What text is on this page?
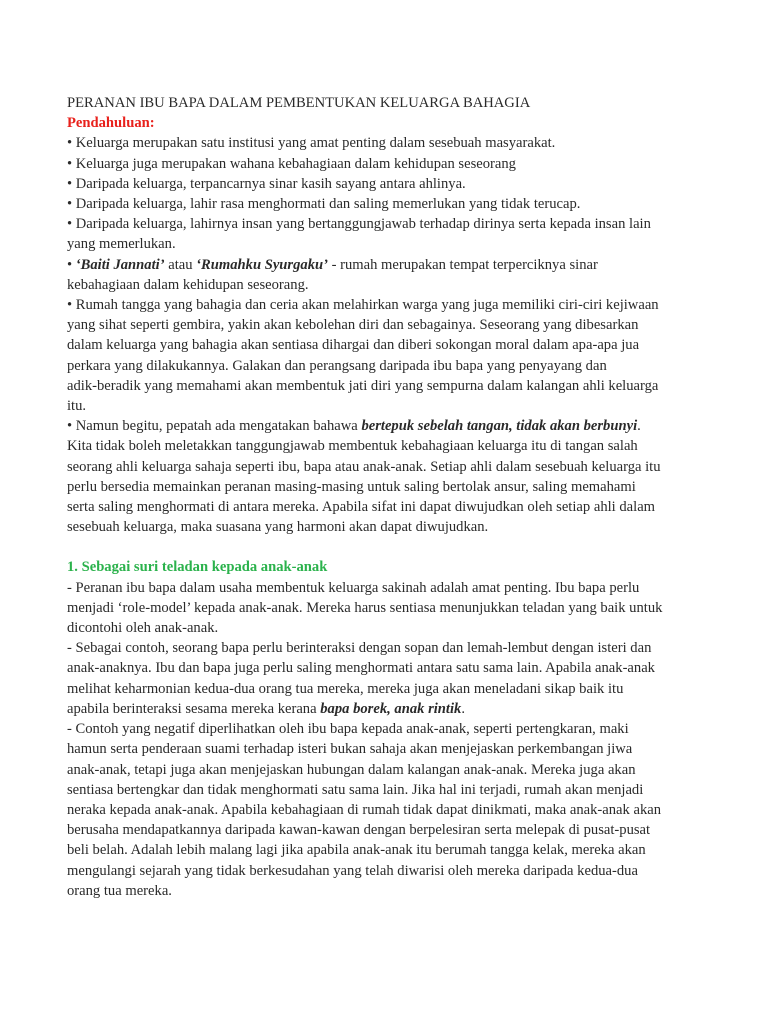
PERANAN IBU BAPA DALAM PEMBENTUKAN KELUARGA BAHAGIA
Pendahuluan:
• Keluarga merupakan satu institusi yang amat penting dalam sesebuah masyarakat.
• Keluarga juga merupakan wahana kebahagiaan dalam kehidupan seseorang
• Daripada keluarga, terpancarnya sinar kasih sayang antara ahlinya.
• Daripada keluarga, lahir rasa menghormati dan saling memerlukan yang tidak terucap.
• Daripada keluarga, lahirnya insan yang bertanggungjawab terhadap dirinya serta kepada insan lain
yang memerlukan.
• ‘Baiti Jannati’ atau ‘Rumahku Syurgaku’ - rumah merupakan tempat terperciknya sinar
kebahagiaan dalam kehidupan seseorang.
• Rumah tangga yang bahagia dan ceria akan melahirkan warga yang juga memiliki ciri-ciri kejiwaan
yang sihat seperti gembira, yakin akan kebolehan diri dan sebagainya. Seseorang yang dibesarkan
dalam keluarga yang bahagia akan sentiasa dihargai dan diberi sokongan moral dalam apa-apa jua
perkara yang dilakukannya. Galakan dan perangsang daripada ibu bapa yang penyayang dan
adik-beradik yang memahami akan membentuk jati diri yang sempurna dalam kalangan ahli keluarga
itu.
• Namun begitu, pepatah ada mengatakan bahawa bertepuk sebelah tangan, tidak akan berbunyi.
Kita tidak boleh meletakkan tanggungjawab membentuk kebahagiaan keluarga itu di tangan salah
seorang ahli keluarga sahaja seperti ibu, bapa atau anak-anak. Setiap ahli dalam sesebuah keluarga itu
perlu bersedia memainkan peranan masing-masing untuk saling bertolak ansur, saling memahami
serta saling menghormati di antara mereka. Apabila sifat ini dapat diwujudkan oleh setiap ahli dalam
sesebuah keluarga, maka suasana yang harmoni akan dapat diwujudkan.
1. Sebagai suri teladan kepada anak-anak
- Peranan ibu bapa dalam usaha membentuk keluarga sakinah adalah amat penting. Ibu bapa perlu
menjadi ‘role-model’ kepada anak-anak. Mereka harus sentiasa menunjukkan teladan yang baik untuk
dicontohi oleh anak-anak.
- Sebagai contoh, seorang bapa perlu berinteraksi dengan sopan dan lemah-lembut dengan isteri dan
anak-anaknya. Ibu dan bapa juga perlu saling menghormati antara satu sama lain. Apabila anak-anak
melihat keharmonian kedua-dua orang tua mereka, mereka juga akan meneladani sikap baik itu
apabila berinteraksi sesama mereka kerana bapa borek, anak rintik.
- Contoh yang negatif diperlihatkan oleh ibu bapa kepada anak-anak, seperti pertengkaran, maki
hamun serta penderaan suami terhadap isteri bukan sahaja akan menjejaskan perkembangan jiwa
anak-anak, tetapi juga akan menjejaskan hubungan dalam kalangan anak-anak. Mereka juga akan
sentiasa bertengkar dan tidak menghormati satu sama lain. Jika hal ini terjadi, rumah akan menjadi
neraka kepada anak-anak. Apabila kebahagiaan di rumah tidak dapat dinikmati, maka anak-anak akan
berusaha mendapatkannya daripada kawan-kawan dengan berpelesiran serta melepak di pusat-pusat
beli belah. Adalah lebih malang lagi jika apabila anak-anak itu berumah tangga kelak, mereka akan
mengulangi sejarah yang tidak berkesudahan yang telah diwarisi oleh mereka daripada kedua-dua
orang tua mereka.
